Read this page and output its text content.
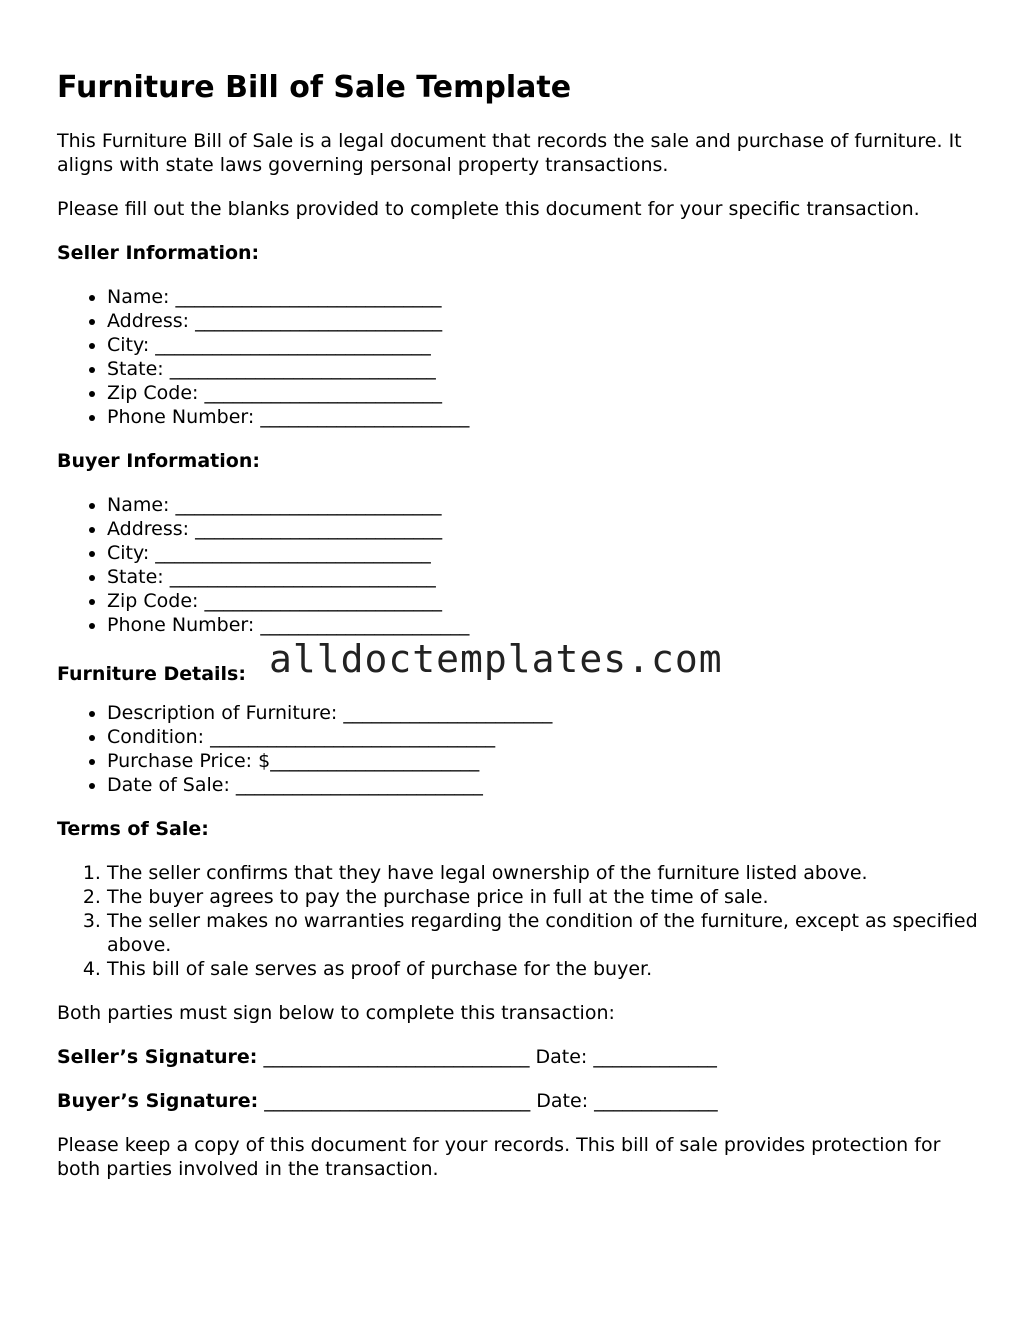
Furniture Bill of Sale Template

This Furniture Bill of Sale is a legal document that records the sale and purchase of furniture. It aligns with state laws governing personal property transactions.

Please fill out the blanks provided to complete this document for your specific transaction.

Seller Information:
• Name: ____________________________
• Address: __________________________
• City: _____________________________
• State: ____________________________
• Zip Code: _________________________
• Phone Number: ______________________
Buyer Information:
• Name: ____________________________
• Address: __________________________
• City: _____________________________
• State: ____________________________
• Zip Code: _________________________
• Phone Number: ______________________
Furniture Details: alldoctemplates.com
• Description of Furniture: ______________________
• Condition: ______________________________
• Purchase Price: $______________________
• Date of Sale: __________________________
Terms of Sale:
1. The seller confirms that they have legal ownership of the furniture listed above.
2. The buyer agrees to pay the purchase price in full at the time of sale.
3. The seller makes no warranties regarding the condition of the furniture, except as specified above.
4. This bill of sale serves as proof of purchase for the buyer.

Both parties must sign below to complete this transaction:

Seller’s Signature: ____________________________ Date: _____________
Buyer’s Signature: ____________________________ Date: _____________

Please keep a copy of this document for your records. This bill of sale provides protection for both parties involved in the transaction.
